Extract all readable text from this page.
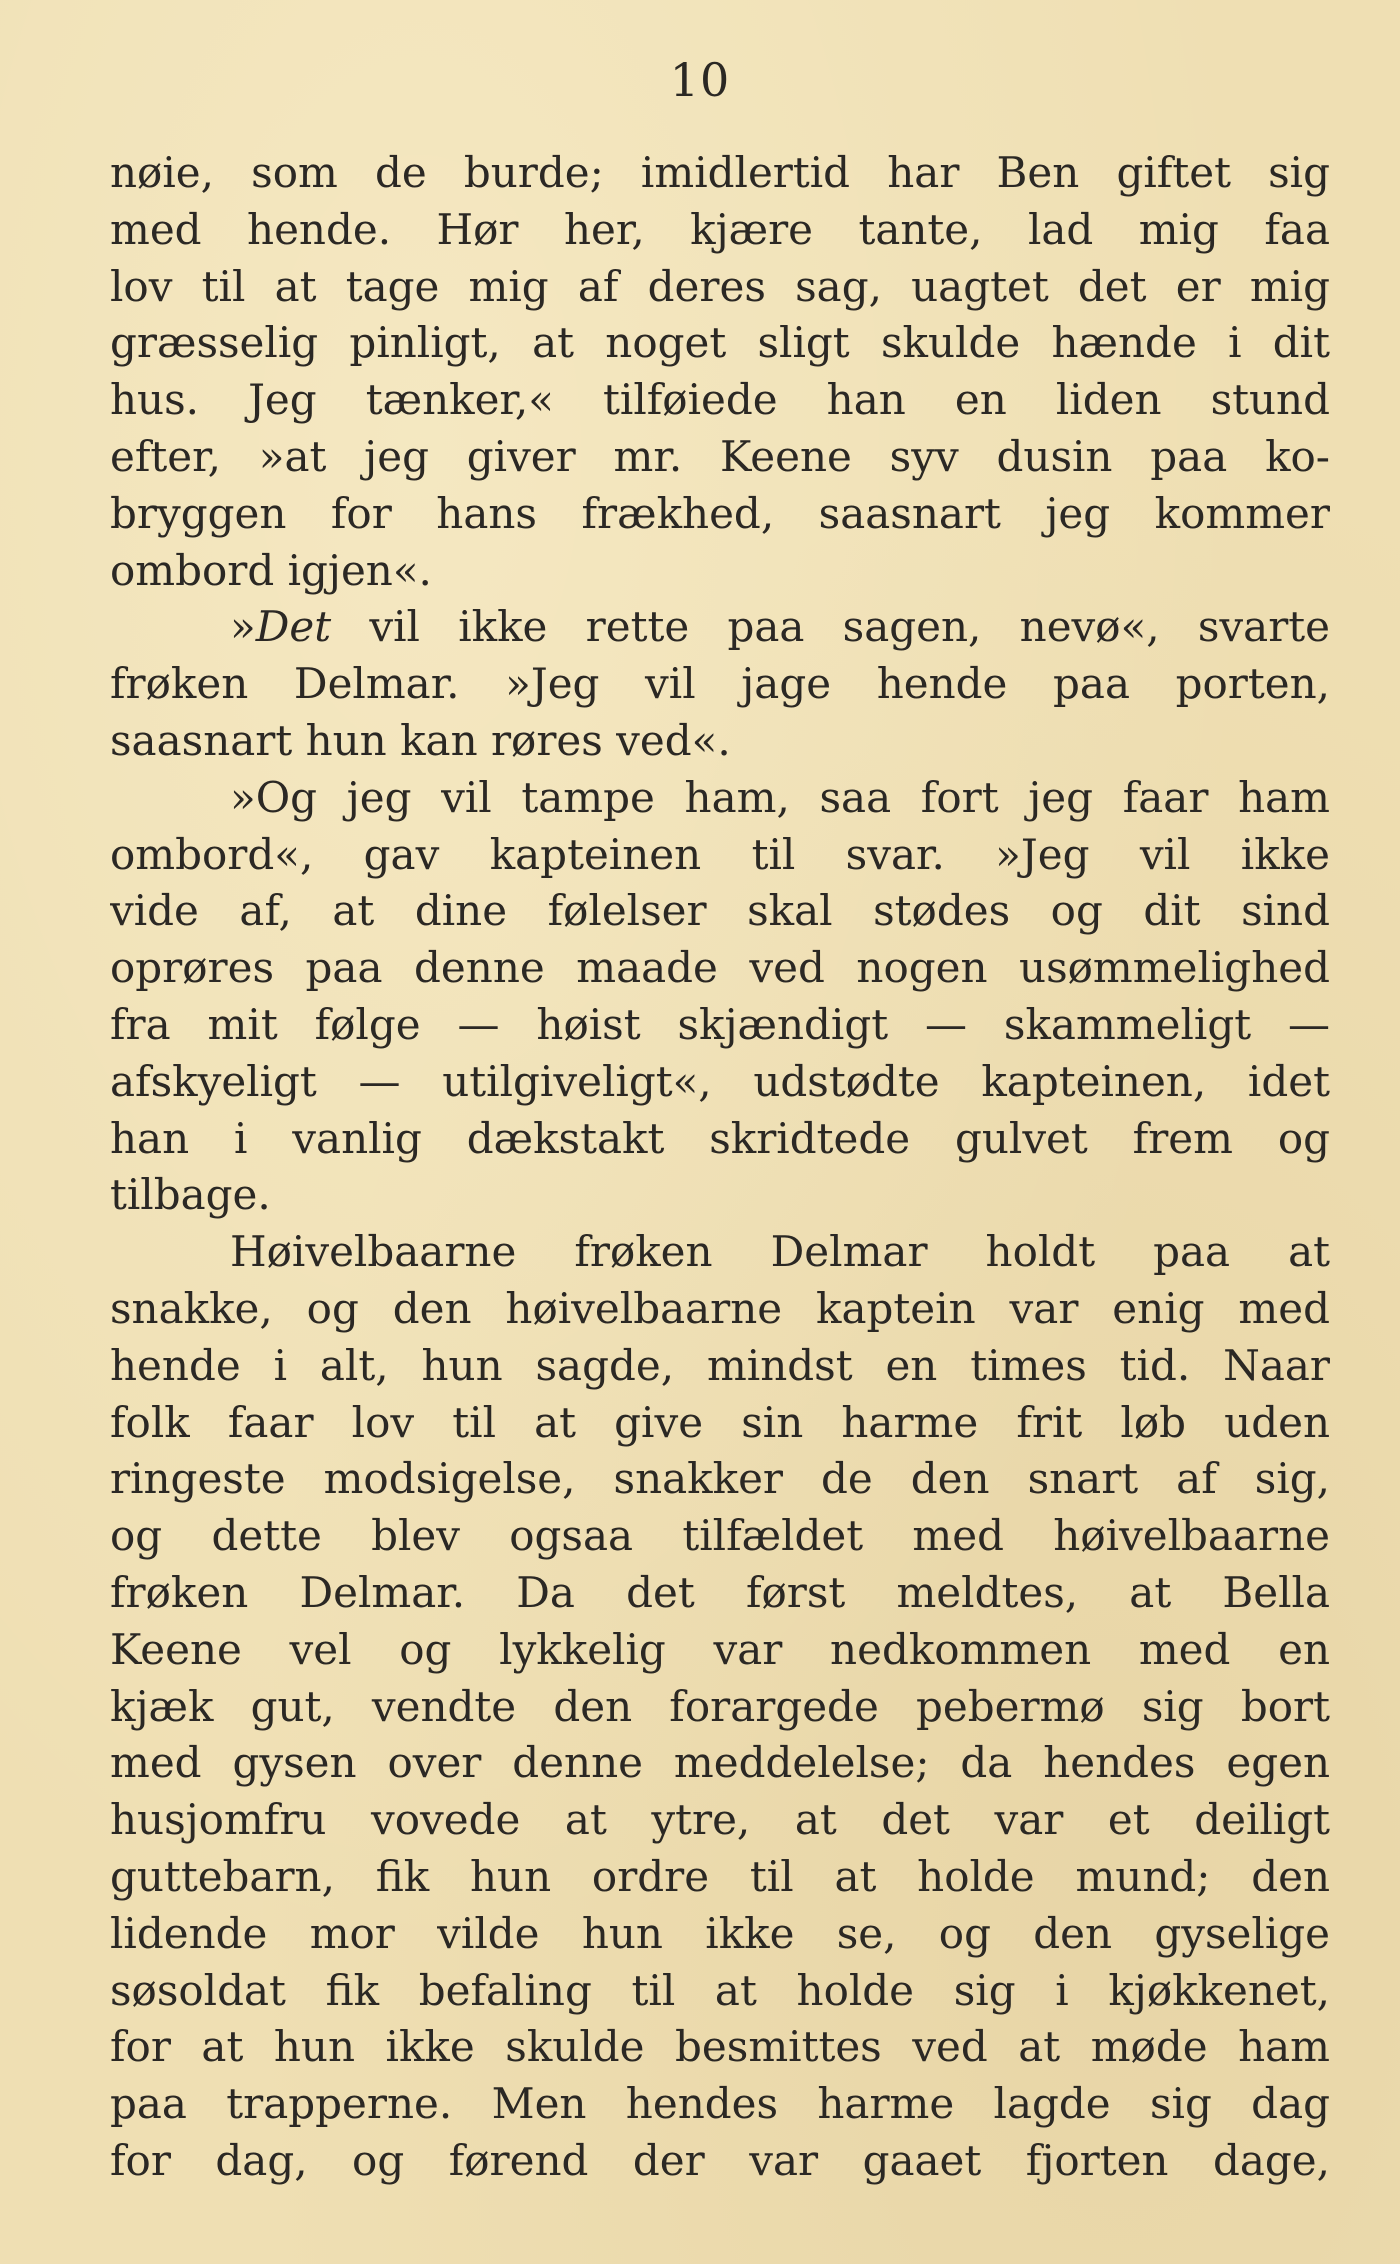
10
nøie, som de burde; imidlertid har Ben giftet sig
med hende. Hør her, kjære tante, lad mig faa
lov til at tage mig af deres sag, uagtet det er mig
græsselig pinligt, at noget sligt skulde hænde i dit
hus. Jeg tænker,« tilføiede han en liden stund
efter, »at jeg giver mr. Keene syv dusin paa ko-
bryggen for hans frækhed, saasnart jeg kommer
ombord igjen«.
»Det vil ikke rette paa sagen, nevø«, svarte
frøken Delmar. »Jeg vil jage hende paa porten,
saasnart hun kan røres ved«.
»Og jeg vil tampe ham, saa fort jeg faar ham
ombord«, gav kapteinen til svar. »Jeg vil ikke
vide af, at dine følelser skal stødes og dit sind
oprøres paa denne maade ved nogen usømmelighed
fra mit følge — høist skjændigt — skammeligt —
afskyeligt — utilgiveligt«, udstødte kapteinen, idet
han i vanlig dækstakt skridtede gulvet frem og
tilbage.
Høivelbaarne frøken Delmar holdt paa at
snakke, og den høivelbaarne kaptein var enig med
hende i alt, hun sagde, mindst en times tid. Naar
folk faar lov til at give sin harme frit løb uden
ringeste modsigelse, snakker de den snart af sig,
og dette blev ogsaa tilfældet med høivelbaarne
frøken Delmar. Da det først meldtes, at Bella
Keene vel og lykkelig var nedkommen med en
kjæk gut, vendte den forargede pebermø sig bort
med gysen over denne meddelelse; da hendes egen
husjomfru vovede at ytre, at det var et deiligt
guttebarn, fik hun ordre til at holde mund; den
lidende mor vilde hun ikke se, og den gyselige
søsoldat fik befaling til at holde sig i kjøkkenet,
for at hun ikke skulde besmittes ved at møde ham
paa trapperne. Men hendes harme lagde sig dag
for dag, og førend der var gaaet fjorten dage,
